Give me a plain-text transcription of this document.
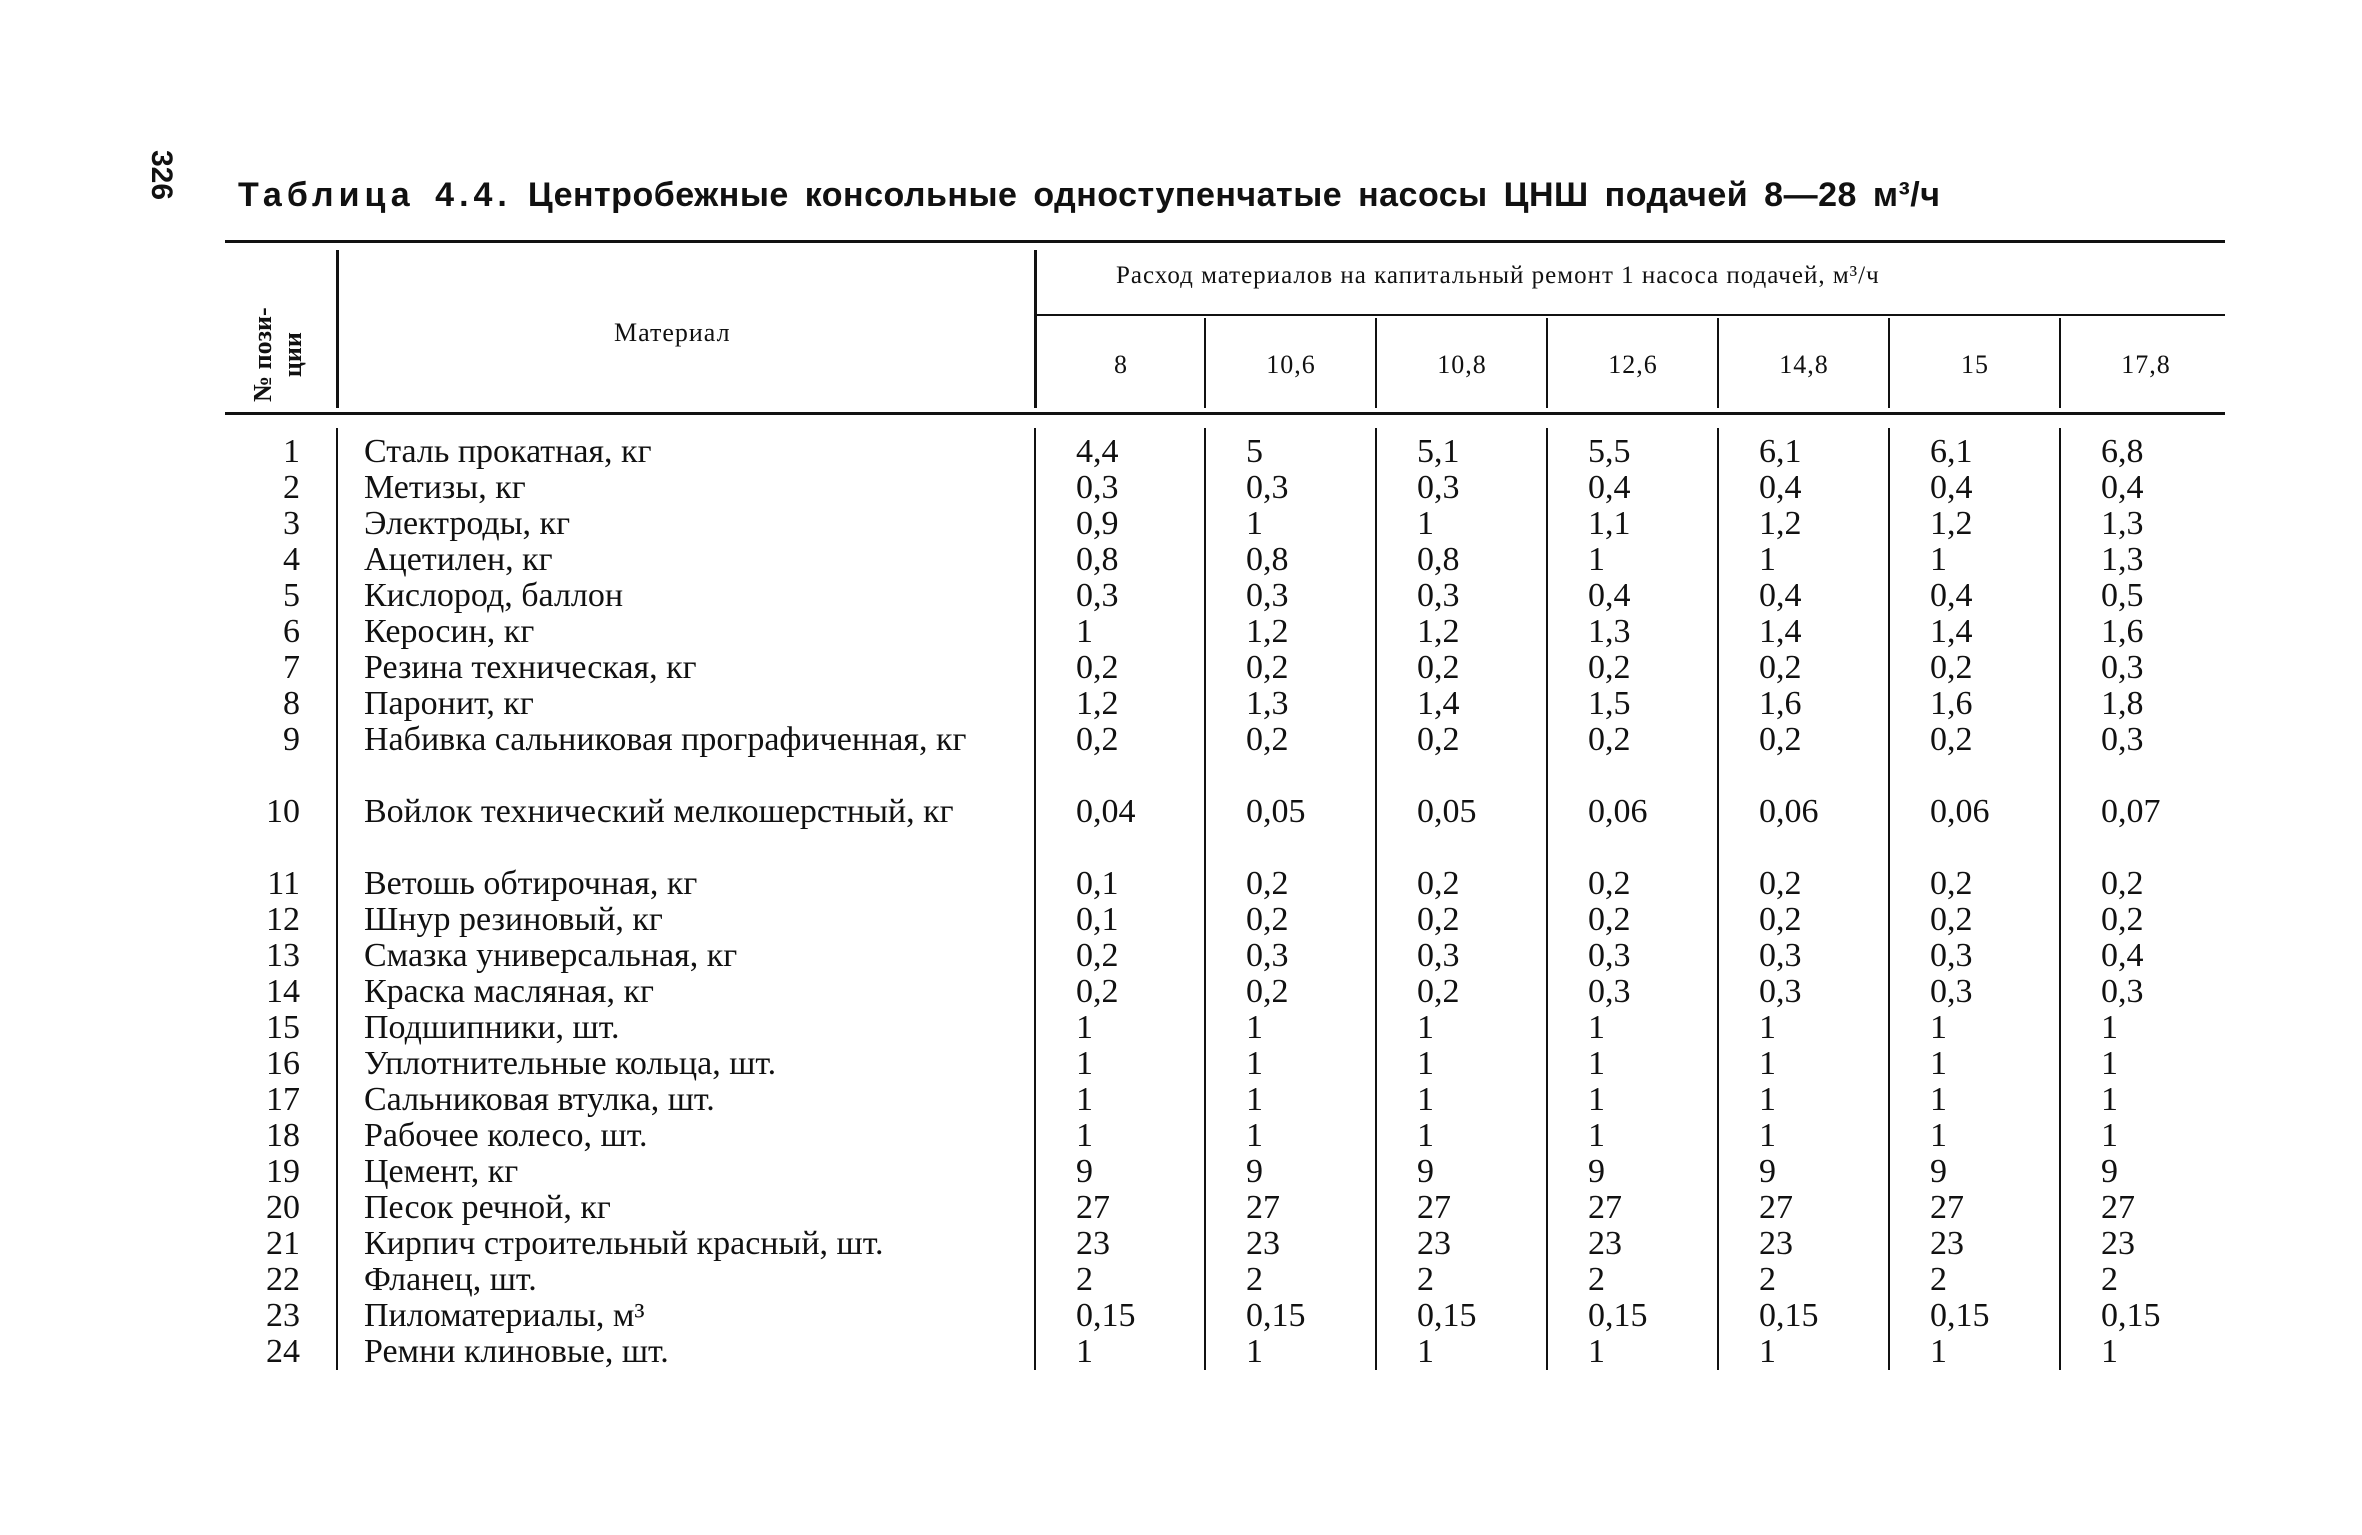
326 Таблица 4.4. Центробежные консольные одноступенчатые насосы ЦНШ подачей 8—28 м³/ч
№ пози-
ции	Материал
Расход материалов на капитальный ремонт 1 насоса подачей, м³/ч
8	10,6	10,8	12,6	14,8	15	17,8
1 Сталь прокатная, кг	4,4	5	5,1	5,5	6,1	6,1	6,8
2 Метизы, кг	0,3	0,3	0,3	0,4	0,4	0,4	0,4
3 Электроды, кг	0,9	1	1	1,1	1,2	1,2	1,3
4 Ацетилен, кг	0,8	0,8	0,8	1	1	1	1,3
5 Кислород, баллон	0,3	0,3	0,3	0,4	0,4	0,4	0,5
6 Керосин, кг	1	1,2	1,2	1,3	1,4	1,4	1,6
7 Резина техническая, кг	0,2	0,2	0,2	0,2	0,2	0,2	0,3
8 Паронит, кг	1,2	1,3	1,4	1,5	1,6	1,6	1,8
9 Набивка сальниковая прографиченная, кг	0,2	0,2	0,2	0,2	0,2	0,2	0,3
10 Войлок технический мелкошерстный, кг	0,04	0,05	0,05	0,06	0,06	0,06	0,07
11 Ветошь обтирочная, кг	0,1	0,2	0,2	0,2	0,2	0,2	0,2
12 Шнур резиновый, кг	0,1	0,2	0,2	0,2	0,2	0,2	0,2
13 Смазка универсальная, кг	0,2	0,3	0,3	0,3	0,3	0,3	0,4
14 Краска масляная, кг	0,2	0,2	0,2	0,3	0,3	0,3	0,3
15 Подшипники, шт.	1	1	1	1	1	1	1
16 Уплотнительные кольца, шт.	1	1	1	1	1	1	1
17 Сальниковая втулка, шт.	1	1	1	1	1	1	1
18 Рабочее колесо, шт.	1	1	1	1	1	1	1
19 Цемент, кг	9	9	9	9	9	9	9
20 Песок речной, кг	27	27	27	27	27	27	27
21 Кирпич строительный красный, шт.	23	23	23	23	23	23	23
22 Фланец, шт.	2	2	2	2	2	2	2
23 Пиломатериалы, м³	0,15	0,15	0,15	0,15	0,15	0,15	0,15
24 Ремни клиновые, шт.	1	1	1	1	1	1	1
